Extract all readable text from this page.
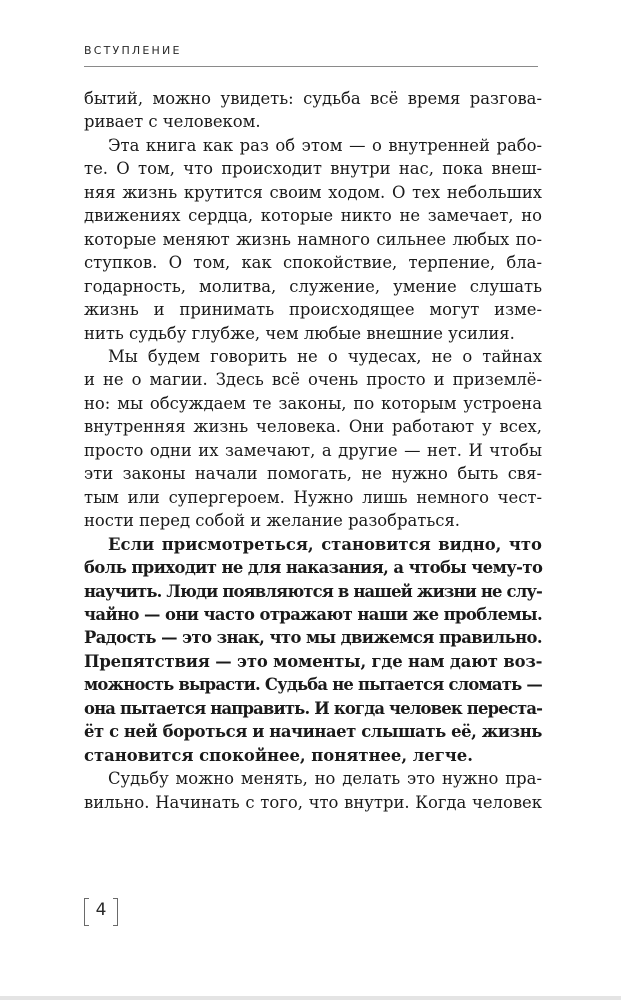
ВСТУПЛЕНИЕ

бытий, можно увидеть: судьба всё время разгова-
ривает с человеком.

Эта книга как раз об этом — о внутренней рабо-
те. О том, что происходит внутри нас, пока внеш-
няя жизнь крутится своим ходом. О тех небольших
движениях сердца, которые никто не замечает, но
которые меняют жизнь намного сильнее любых по-
ступков. О том, как спокойствие, терпение, бла-
годарность, молитва, служение, умение слушать
жизнь и принимать происходящее могут изме-
нить судьбу глубже, чем любые внешние усилия.

Мы будем говорить не о чудесах, не о тайнах
и не о магии. Здесь всё очень просто и приземлё-
но: мы обсуждаем те законы, по которым устроена
внутренняя жизнь человека. Они работают у всех,
просто одни их замечают, а другие — нет. И чтобы
эти законы начали помогать, не нужно быть свя-
тым или супергероем. Нужно лишь немного чест-
ности перед собой и желание разобраться.

Если присмотреться, становится видно, что
боль приходит не для наказания, а чтобы чему-то
научить. Люди появляются в нашей жизни не слу-
чайно — они часто отражают наши же проблемы.
Радость — это знак, что мы движемся правильно.
Препятствия — это моменты, где нам дают воз-
можность вырасти. Судьба не пытается сломать —
она пытается направить. И когда человек переста-
ёт с ней бороться и начинает слышать её, жизнь
становится спокойнее, понятнее, легче.

Судьбу можно менять, но делать это нужно пра-
вильно. Начинать с того, что внутри. Когда человек

4
